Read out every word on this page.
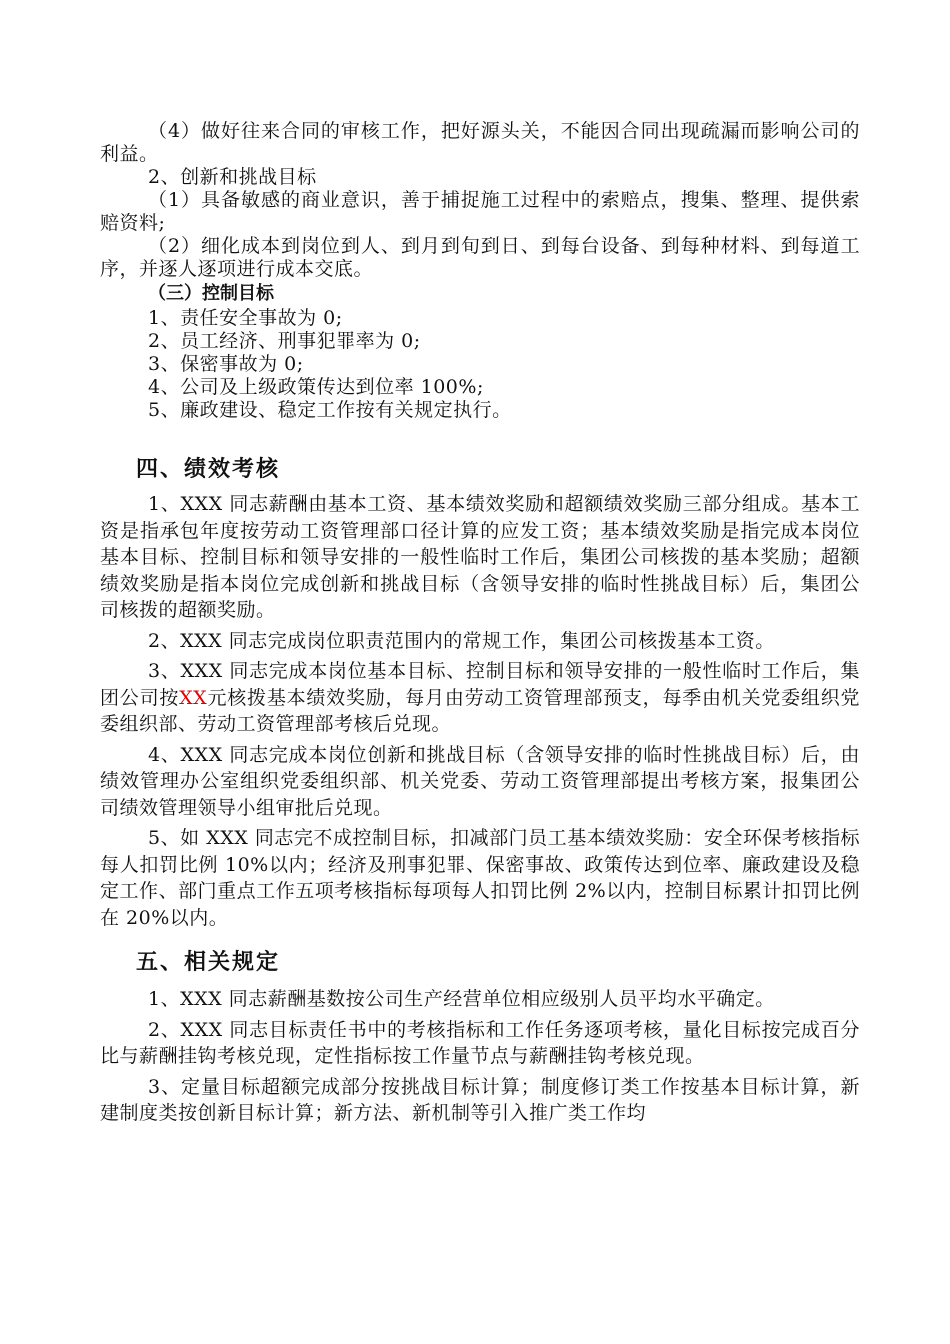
（4）做好往来合同的审核工作，把好源头关，不能因合同出现疏漏而影响公司的利益。

2、创新和挑战目标

（1）具备敏感的商业意识，善于捕捉施工过程中的索赔点，搜集、整理、提供索赔资料;

（2）细化成本到岗位到人、到月到旬到日、到每台设备、到每种材料、到每道工序，并逐人逐项进行成本交底。

（三）控制目标

1、责任安全事故为 0;

2、员工经济、刑事犯罪率为 0;

3、保密事故为 0;

4、公司及上级政策传达到位率 100%;

5、廉政建设、稳定工作按有关规定执行。

四、绩效考核

1、XXX 同志薪酬由基本工资、基本绩效奖励和超额绩效奖励三部分组成。基本工资是指承包年度按劳动工资管理部口径计算的应发工资；基本绩效奖励是指完成本岗位基本目标、控制目标和领导安排的一般性临时工作后，集团公司核拨的基本奖励；超额绩效奖励是指本岗位完成创新和挑战目标（含领导安排的临时性挑战目标）后，集团公司核拨的超额奖励。

2、XXX 同志完成岗位职责范围内的常规工作，集团公司核拨基本工资。

3、XXX 同志完成本岗位基本目标、控制目标和领导安排的一般性临时工作后，集团公司按XX元核拨基本绩效奖励，每月由劳动工资管理部预支，每季由机关党委组织党委组织部、劳动工资管理部考核后兑现。

4、XXX 同志完成本岗位创新和挑战目标（含领导安排的临时性挑战目标）后，由绩效管理办公室组织党委组织部、机关党委、劳动工资管理部提出考核方案，报集团公司绩效管理领导小组审批后兑现。

5、如 XXX 同志完不成控制目标，扣减部门员工基本绩效奖励：安全环保考核指标每人扣罚比例 10%以内；经济及刑事犯罪、保密事故、政策传达到位率、廉政建设及稳定工作、部门重点工作五项考核指标每项每人扣罚比例 2%以内，控制目标累计扣罚比例在 20%以内。

五、相关规定

1、XXX 同志薪酬基数按公司生产经营单位相应级别人员平均水平确定。

2、XXX 同志目标责任书中的考核指标和工作任务逐项考核，量化目标按完成百分比与薪酬挂钩考核兑现，定性指标按工作量节点与薪酬挂钩考核兑现。

3、定量目标超额完成部分按挑战目标计算；制度修订类工作按基本目标计算，新建制度类按创新目标计算；新方法、新机制等引入推广类工作均
